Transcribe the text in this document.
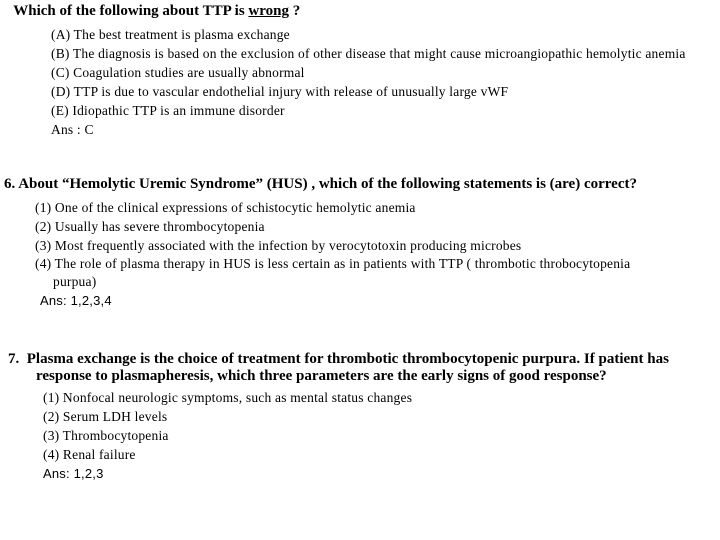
Which of the following about TTP is wrong ?
(A) The best treatment is plasma exchange
(B) The diagnosis is based on the exclusion of other disease that might cause microangiopathic hemolytic anemia
(C) Coagulation studies are usually abnormal
(D) TTP is due to vascular endothelial injury with release of unusually large vWF
(E) Idiopathic TTP is an immune disorder
Ans : C
6. About “Hemolytic Uremic Syndrome” (HUS) , which of the following statements is (are) correct?
(1) One of the clinical expressions of schistocytic hemolytic anemia
(2) Usually has severe thrombocytopenia
(3) Most frequently associated with the infection by verocytotoxin producing microbes
(4) The role of plasma therapy in HUS is less certain as in patients with TTP ( thrombotic throbocytopenia purpua)
Ans: 1,2,3,4
7. Plasma exchange is the choice of treatment for thrombotic thrombocytopenic purpura. If patient has response to plasmapheresis, which three parameters are the early signs of good response?
(1) Nonfocal neurologic symptoms, such as mental status changes
(2) Serum LDH levels
(3) Thrombocytopenia
(4) Renal failure
Ans: 1,2,3
